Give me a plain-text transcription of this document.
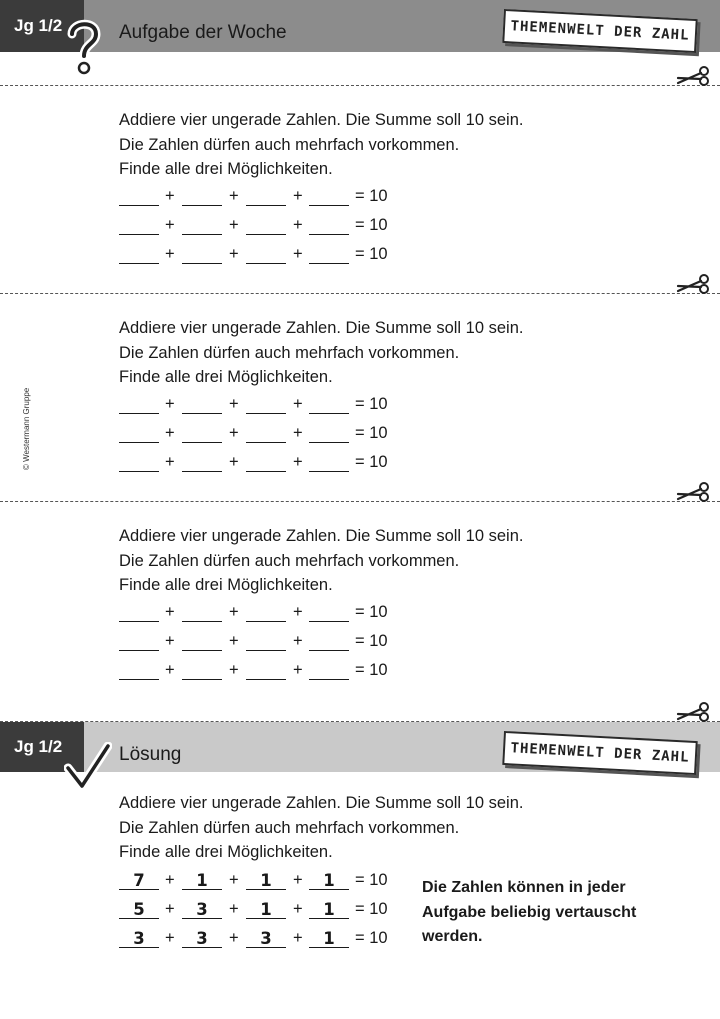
Jg 1/2	Aufgabe der Woche	THEMENWELT DER ZAHL
© Westermann Gruppe
Addiere vier ungerade Zahlen. Die Summe soll 10 sein.
Die Zahlen dürfen auch mehrfach vorkommen.
Finde alle drei Möglichkeiten.
+	+	+	= 10
+	+	+	= 10
+	+	+	= 10
Addiere vier ungerade Zahlen. Die Summe soll 10 sein.
Die Zahlen dürfen auch mehrfach vorkommen.
Finde alle drei Möglichkeiten.
+	+	+	= 10
+	+	+	= 10
+	+	+	= 10
Addiere vier ungerade Zahlen. Die Summe soll 10 sein.
Die Zahlen dürfen auch mehrfach vorkommen.
Finde alle drei Möglichkeiten.
+	+	+	= 10
+	+	+	= 10
+	+	+	= 10
Jg 1/2	Lösung	THEMENWELT DER ZAHL
Addiere vier ungerade Zahlen. Die Summe soll 10 sein.
Die Zahlen dürfen auch mehrfach vorkommen.
Finde alle drei Möglichkeiten.
7	+	1	+	1	+	1	= 10
5	+	3	+	1	+	1	= 10
3	+	3	+	3	+	1	= 10
Die Zahlen können in jeder Aufgabe beliebig vertauscht werden.
